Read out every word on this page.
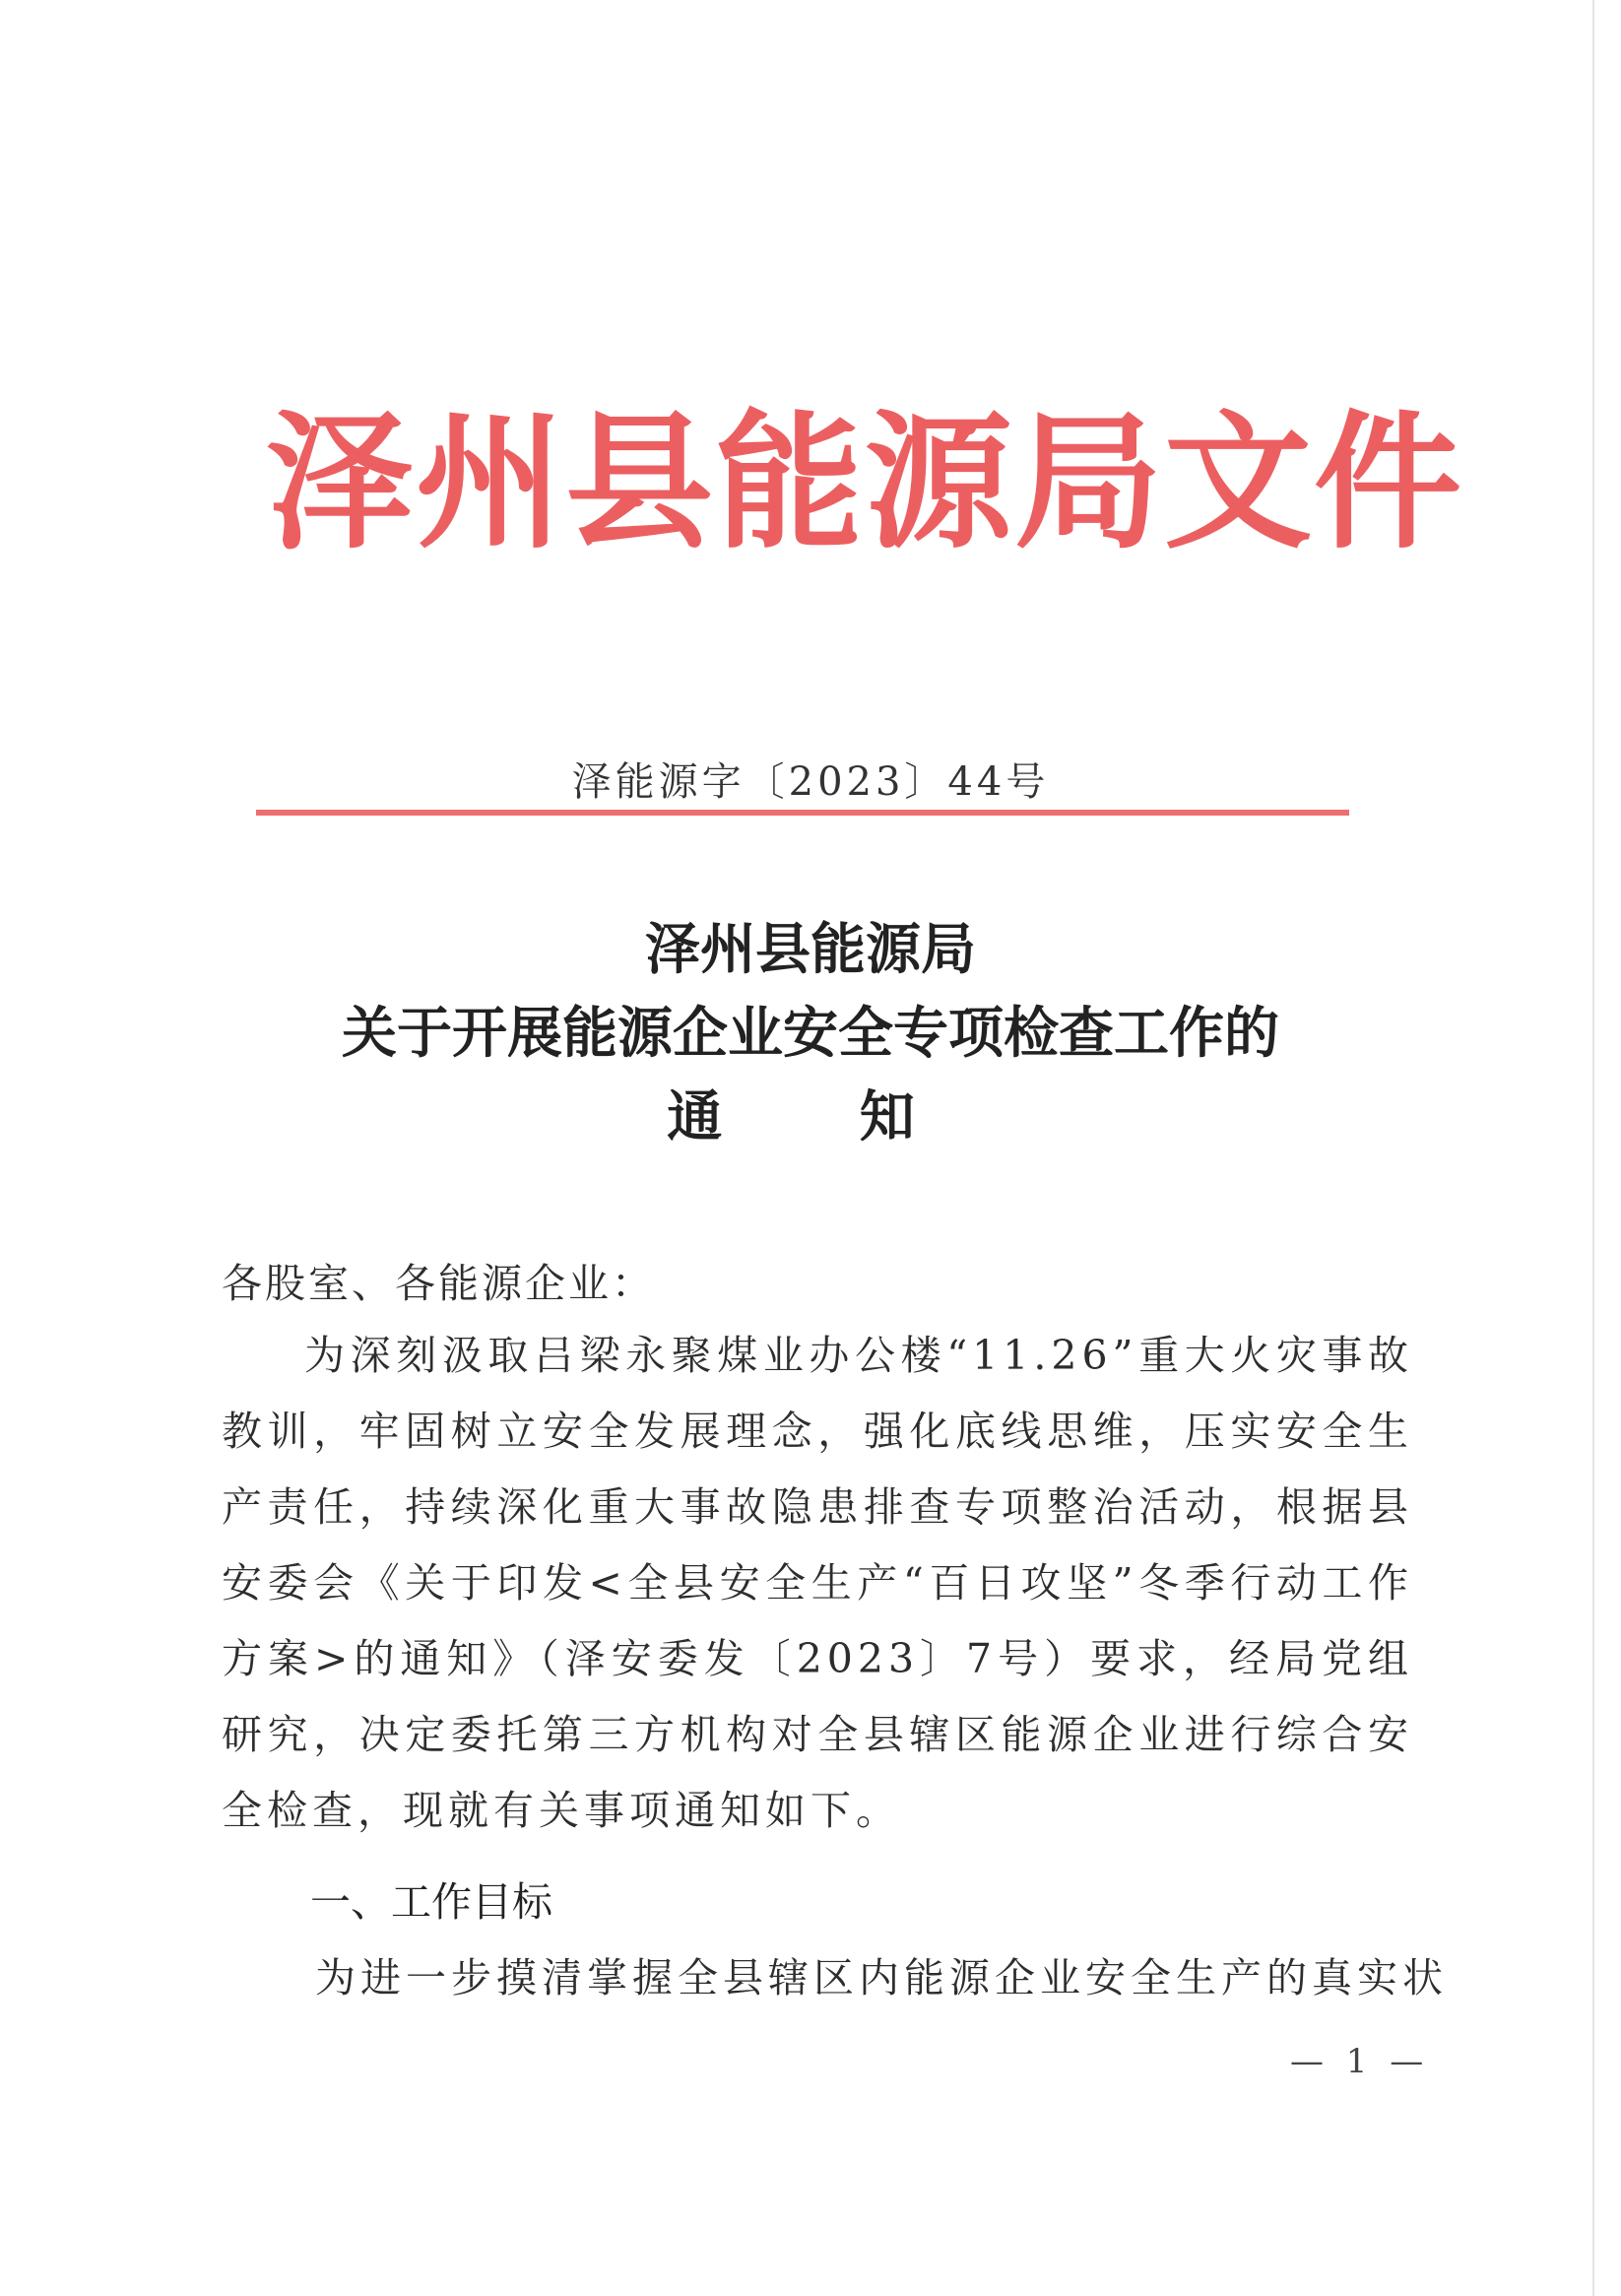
泽州县能源局文件
泽能源字〔2023〕44号
泽州县能源局
关于开展能源企业安全专项检查工作的
通 知
各股室、各能源企业：
为深刻汲取吕梁永聚煤业办公楼“11.26”重大火灾事故教训，牢固树立安全发展理念，强化底线思维，压实安全生产责任，持续深化重大事故隐患排查专项整治活动，根据县安委会《关于印发<全县安全生产“百日攻坚”冬季行动工作方案>的通知》（泽安委发〔2023〕7号）要求，经局党组研究，决定委托第三方机构对全县辖区能源企业进行综合安全检查，现就有关事项通知如下。
一、工作目标
为进一步摸清掌握全县辖区内能源企业安全生产的真实状
— 1 —
